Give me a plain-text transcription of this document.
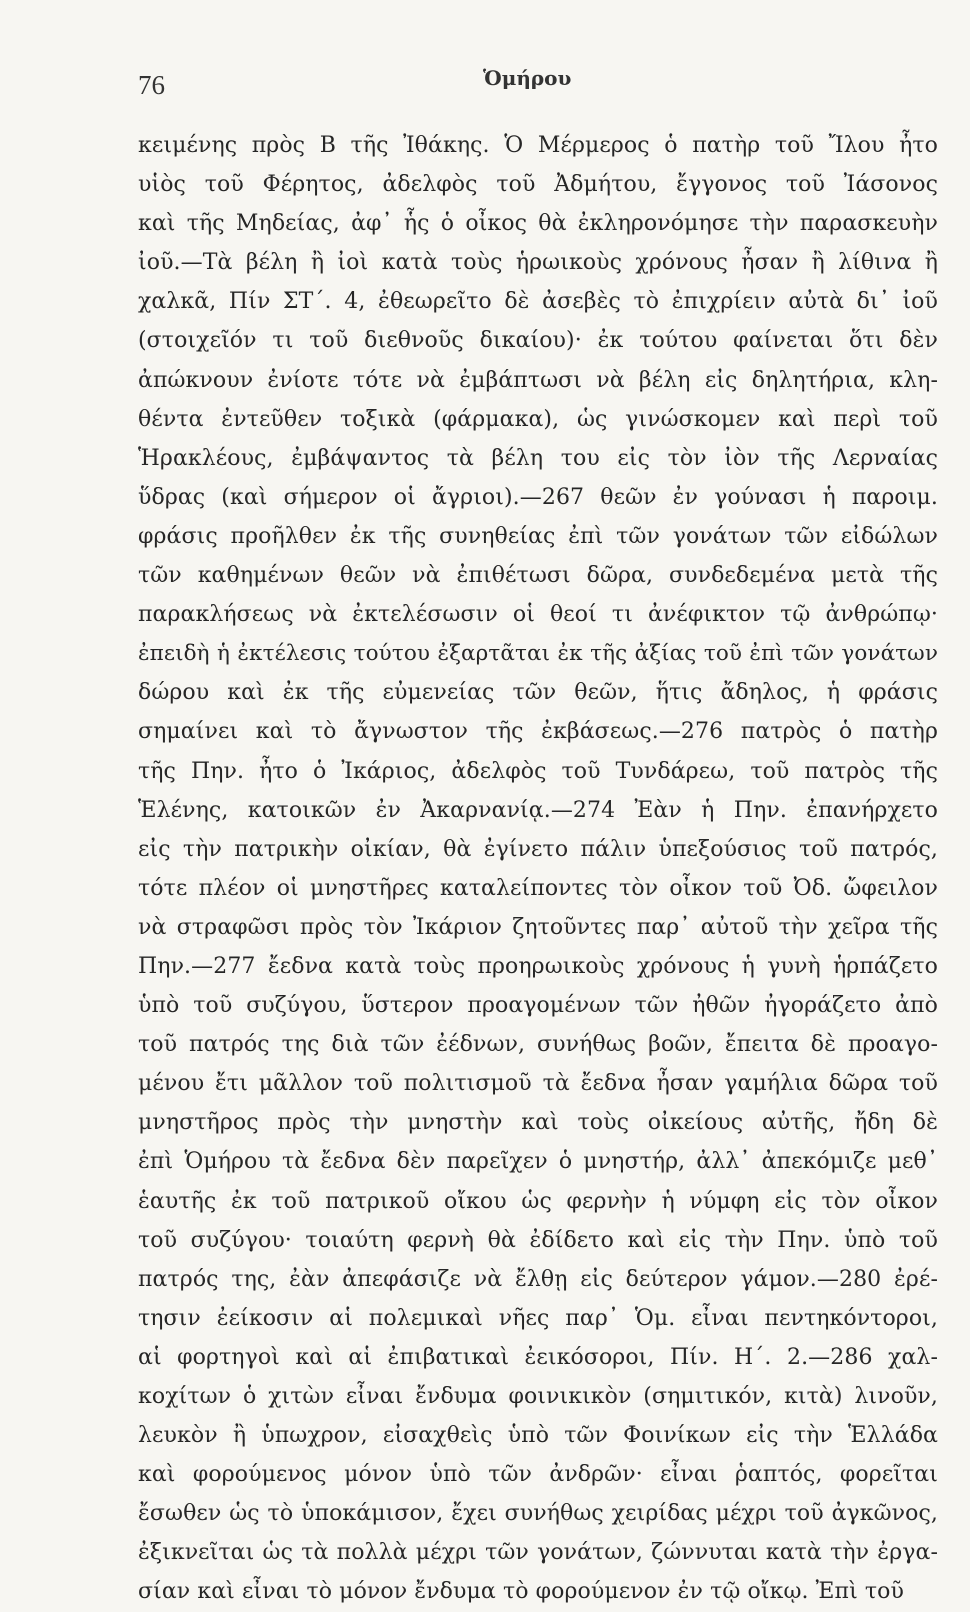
76	Ὁμήρου
κειμένης πρὸς Β τῆς Ἰθάκης. Ὁ Μέρμερος ὁ πατὴρ τοῦ Ἴλου ἦτο
υἱὸς τοῦ Φέρητος, ἀδελφὸς τοῦ Ἀδμήτου, ἔγγονος τοῦ Ἰάσονος
καὶ τῆς Μηδείας, ἀφ᾽ ἧς ὁ οἶκος θὰ ἐκληρονόμησε τὴν παρασκευὴν
ἰοῦ.—Τὰ βέλη ἢ ἰοὶ κατὰ τοὺς ἡρωικοὺς χρόνους ἦσαν ἢ λίθινα ἢ
χαλκᾶ, Πίν ΣΤ΄. 4, ἐθεωρεῖτο δὲ ἀσεβὲς τὸ ἐπιχρίειν αὐτὰ δι᾽ ἰοῦ
(στοιχεῖόν τι τοῦ διεθνοῦς δικαίου)· ἐκ τούτου φαίνεται ὅτι δὲν
ἀπώκνουν ἐνίοτε τότε νὰ ἐμβάπτωσι νὰ βέλη εἰς δηλητήρια, κλη-
θέντα ἐντεῦθεν τοξικὰ (φάρμακα), ὡς γινώσκομεν καὶ περὶ τοῦ
Ἡρακλέους, ἐμβάψαντος τὰ βέλη του εἰς τὸν ἰὸν τῆς Λερναίας
ὕδρας (καὶ σήμερον οἱ ἄγριοι).—267 θεῶν ἐν γούνασι ἡ παροιμ.
φράσις προῆλθεν ἐκ τῆς συνηθείας ἐπὶ τῶν γονάτων τῶν εἰδώλων
τῶν καθημένων θεῶν νὰ ἐπιθέτωσι δῶρα, συνδεδεμένα μετὰ τῆς
παρακλήσεως νὰ ἐκτελέσωσιν οἱ θεοί τι ἀνέφικτον τῷ ἀνθρώπῳ·
ἐπειδὴ ἡ ἐκτέλεσις τούτου ἐξαρτᾶται ἐκ τῆς ἀξίας τοῦ ἐπὶ τῶν γονάτων
δώρου καὶ ἐκ τῆς εὐμενείας τῶν θεῶν, ἥτις ἄδηλος, ἡ φράσις
σημαίνει καὶ τὸ ἄγνωστον τῆς ἐκβάσεως.—276 πατρὸς ὁ πατὴρ
τῆς Πην. ἦτο ὁ Ἰκάριος, ἀδελφὸς τοῦ Τυνδάρεω, τοῦ πατρὸς τῆς
Ἑλένης, κατοικῶν ἐν Ἀκαρνανίᾳ.—274 Ἐὰν ἡ Πην. ἐπανήρχετο
εἰς τὴν πατρικὴν οἰκίαν, θὰ ἐγίνετο πάλιν ὑπεξούσιος τοῦ πατρός,
τότε πλέον οἱ μνηστῆρες καταλείποντες τὸν οἶκον τοῦ Ὀδ. ὤφειλον
νὰ στραφῶσι πρὸς τὸν Ἰκάριον ζητοῦντες παρ᾽ αὐτοῦ τὴν χεῖρα τῆς
Πην.—277 ἔεδνα κατὰ τοὺς προηρωικοὺς χρόνους ἡ γυνὴ ἡρπάζετο
ὑπὸ τοῦ συζύγου, ὕστερον προαγομένων τῶν ἠθῶν ἠγοράζετο ἀπὸ
τοῦ πατρός της διὰ τῶν ἐέδνων, συνήθως βοῶν, ἔπειτα δὲ προαγο-
μένου ἔτι μᾶλλον τοῦ πολιτισμοῦ τὰ ἔεδνα ἦσαν γαμήλια δῶρα τοῦ
μνηστῆρος πρὸς τὴν μνηστὴν καὶ τοὺς οἰκείους αὐτῆς, ἤδη δὲ
ἐπὶ Ὁμήρου τὰ ἔεδνα δὲν παρεῖχεν ὁ μνηστήρ, ἀλλ᾽ ἀπεκόμιζε μεθ᾽
ἑαυτῆς ἐκ τοῦ πατρικοῦ οἴκου ὡς φερνὴν ἡ νύμφη εἰς τὸν οἶκον
τοῦ συζύγου· τοιαύτη φερνὴ θὰ ἐδίδετο καὶ εἰς τὴν Πην. ὑπὸ τοῦ
πατρός της, ἐὰν ἀπεφάσιζε νὰ ἔλθῃ εἰς δεύτερον γάμον.—280 ἐρέ-
τησιν ἐείκοσιν αἱ πολεμικαὶ νῆες παρ᾽ Ὁμ. εἶναι πεντηκόντοροι,
αἱ φορτηγοὶ καὶ αἱ ἐπιβατικαὶ ἐεικόσοροι, Πίν. Η΄. 2.—286 χαλ-
κοχίτων ὁ χιτὼν εἶναι ἔνδυμα φοινικικὸν (σημιτικόν, κιτὰ) λινοῦν,
λευκὸν ἢ ὑπωχρον, εἰσαχθεὶς ὑπὸ τῶν Φοινίκων εἰς τὴν Ἑλλάδα
καὶ φορούμενος μόνον ὑπὸ τῶν ἀνδρῶν· εἶναι ῥαπτός, φορεῖται
ἔσωθεν ὡς τὸ ὑποκάμισον, ἔχει συνήθως χειρίδας μέχρι τοῦ ἀγκῶνος,
ἐξικνεῖται ὡς τὰ πολλὰ μέχρι τῶν γονάτων, ζώννυται κατὰ τὴν ἐργα-
σίαν καὶ εἶναι τὸ μόνον ἔνδυμα τὸ φορούμενον ἐν τῷ οἴκῳ. Ἐπὶ τοῦ
